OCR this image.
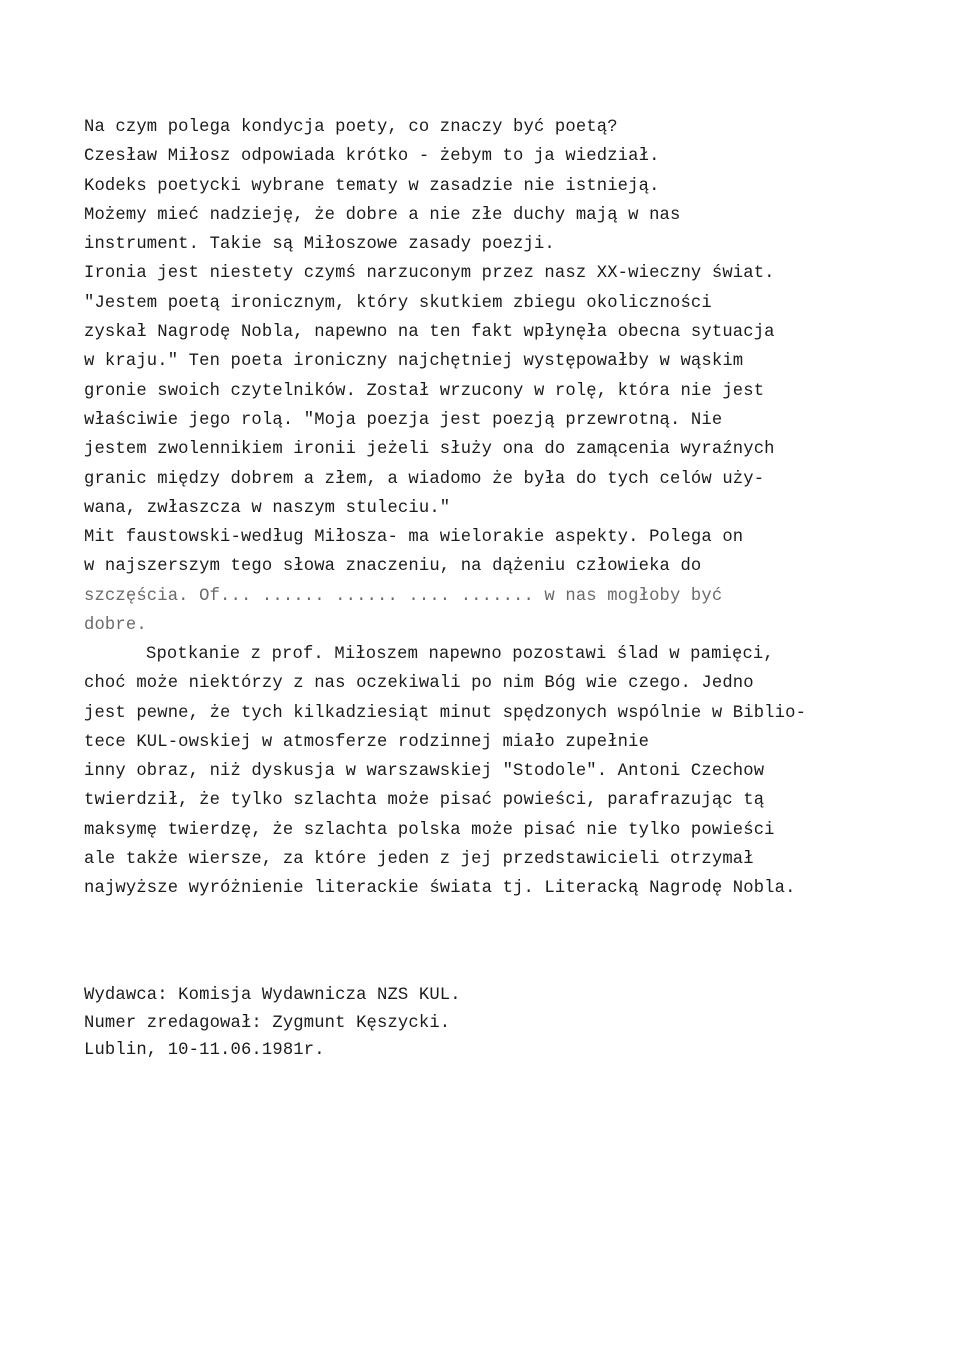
Na czym polega kondycja poety, co znaczy być poetą?
Czesław Miłosz odpowiada krótko - żebym to ja wiedział.
Kodeks poetycki wybrane tematy w zasadzie nie istnieją.
Możemy mieć nadzieję, że dobre a nie złe duchy mają w nas
instrument. Takie są Miłoszowe zasady poezji.
Ironia jest niestety czymś narzuconym przez nasz XX-wieczny świat.
"Jestem poetą ironicznym, który skutkiem zbiegu okoliczności
zyskał Nagrodę Nobla, napewno na ten fakt wpłynęła obecna sytuacja
w kraju." Ten poeta ironiczny najchętniej występowałby w wąskim
gronie swoich czytelników. Został wrzucony w rolę, która nie jest
właściwie jego rolą. "Moja poezja jest poezją przewrotną. Nie
jestem zwolennikiem ironii jeżeli służy ona do zamącenia wyraźnych
granic między dobrem a złem, a wiadomo że była do tych celów uży-
wana, zwłaszcza w naszym stuleciu."
Mit faustowski-według Miłosza- ma wielorakie aspekty. Polega on
w najszerszym tego słowa znaczeniu, na dążeniu człowieka do
szczęścia. Of... ...... ...... .... ....... w nas mogłoby być
dobre.
Spotkanie z prof. Miłoszem napewno pozostawi ślad w pamięci,
choć może niektórzy z nas oczekiwali po nim Bóg wie czego. Jedno
jest pewne, że tych kilkadziesiąt minut spędzonych wspólnie w Biblio-
tece KUL-owskiej w atmosferze rodzinnej miało zupełnie
inny obraz, niż dyskusja w warszawskiej "Stodole". Antoni Czechow
twierdził, że tylko szlachta może pisać powieści, parafrazując tą
maksymę twierdzę, że szlachta polska może pisać nie tylko powieści
ale także wiersze, za które jeden z jej przedstawicieli otrzymał
najwyższe wyróżnienie literackie świata tj. Literacką Nagrodę Nobla.
Wydawca: Komisja Wydawnicza NZS KUL.
Numer zredagował: Zygmunt Kęszycki.
Lublin, 10-11.06.1981r.
